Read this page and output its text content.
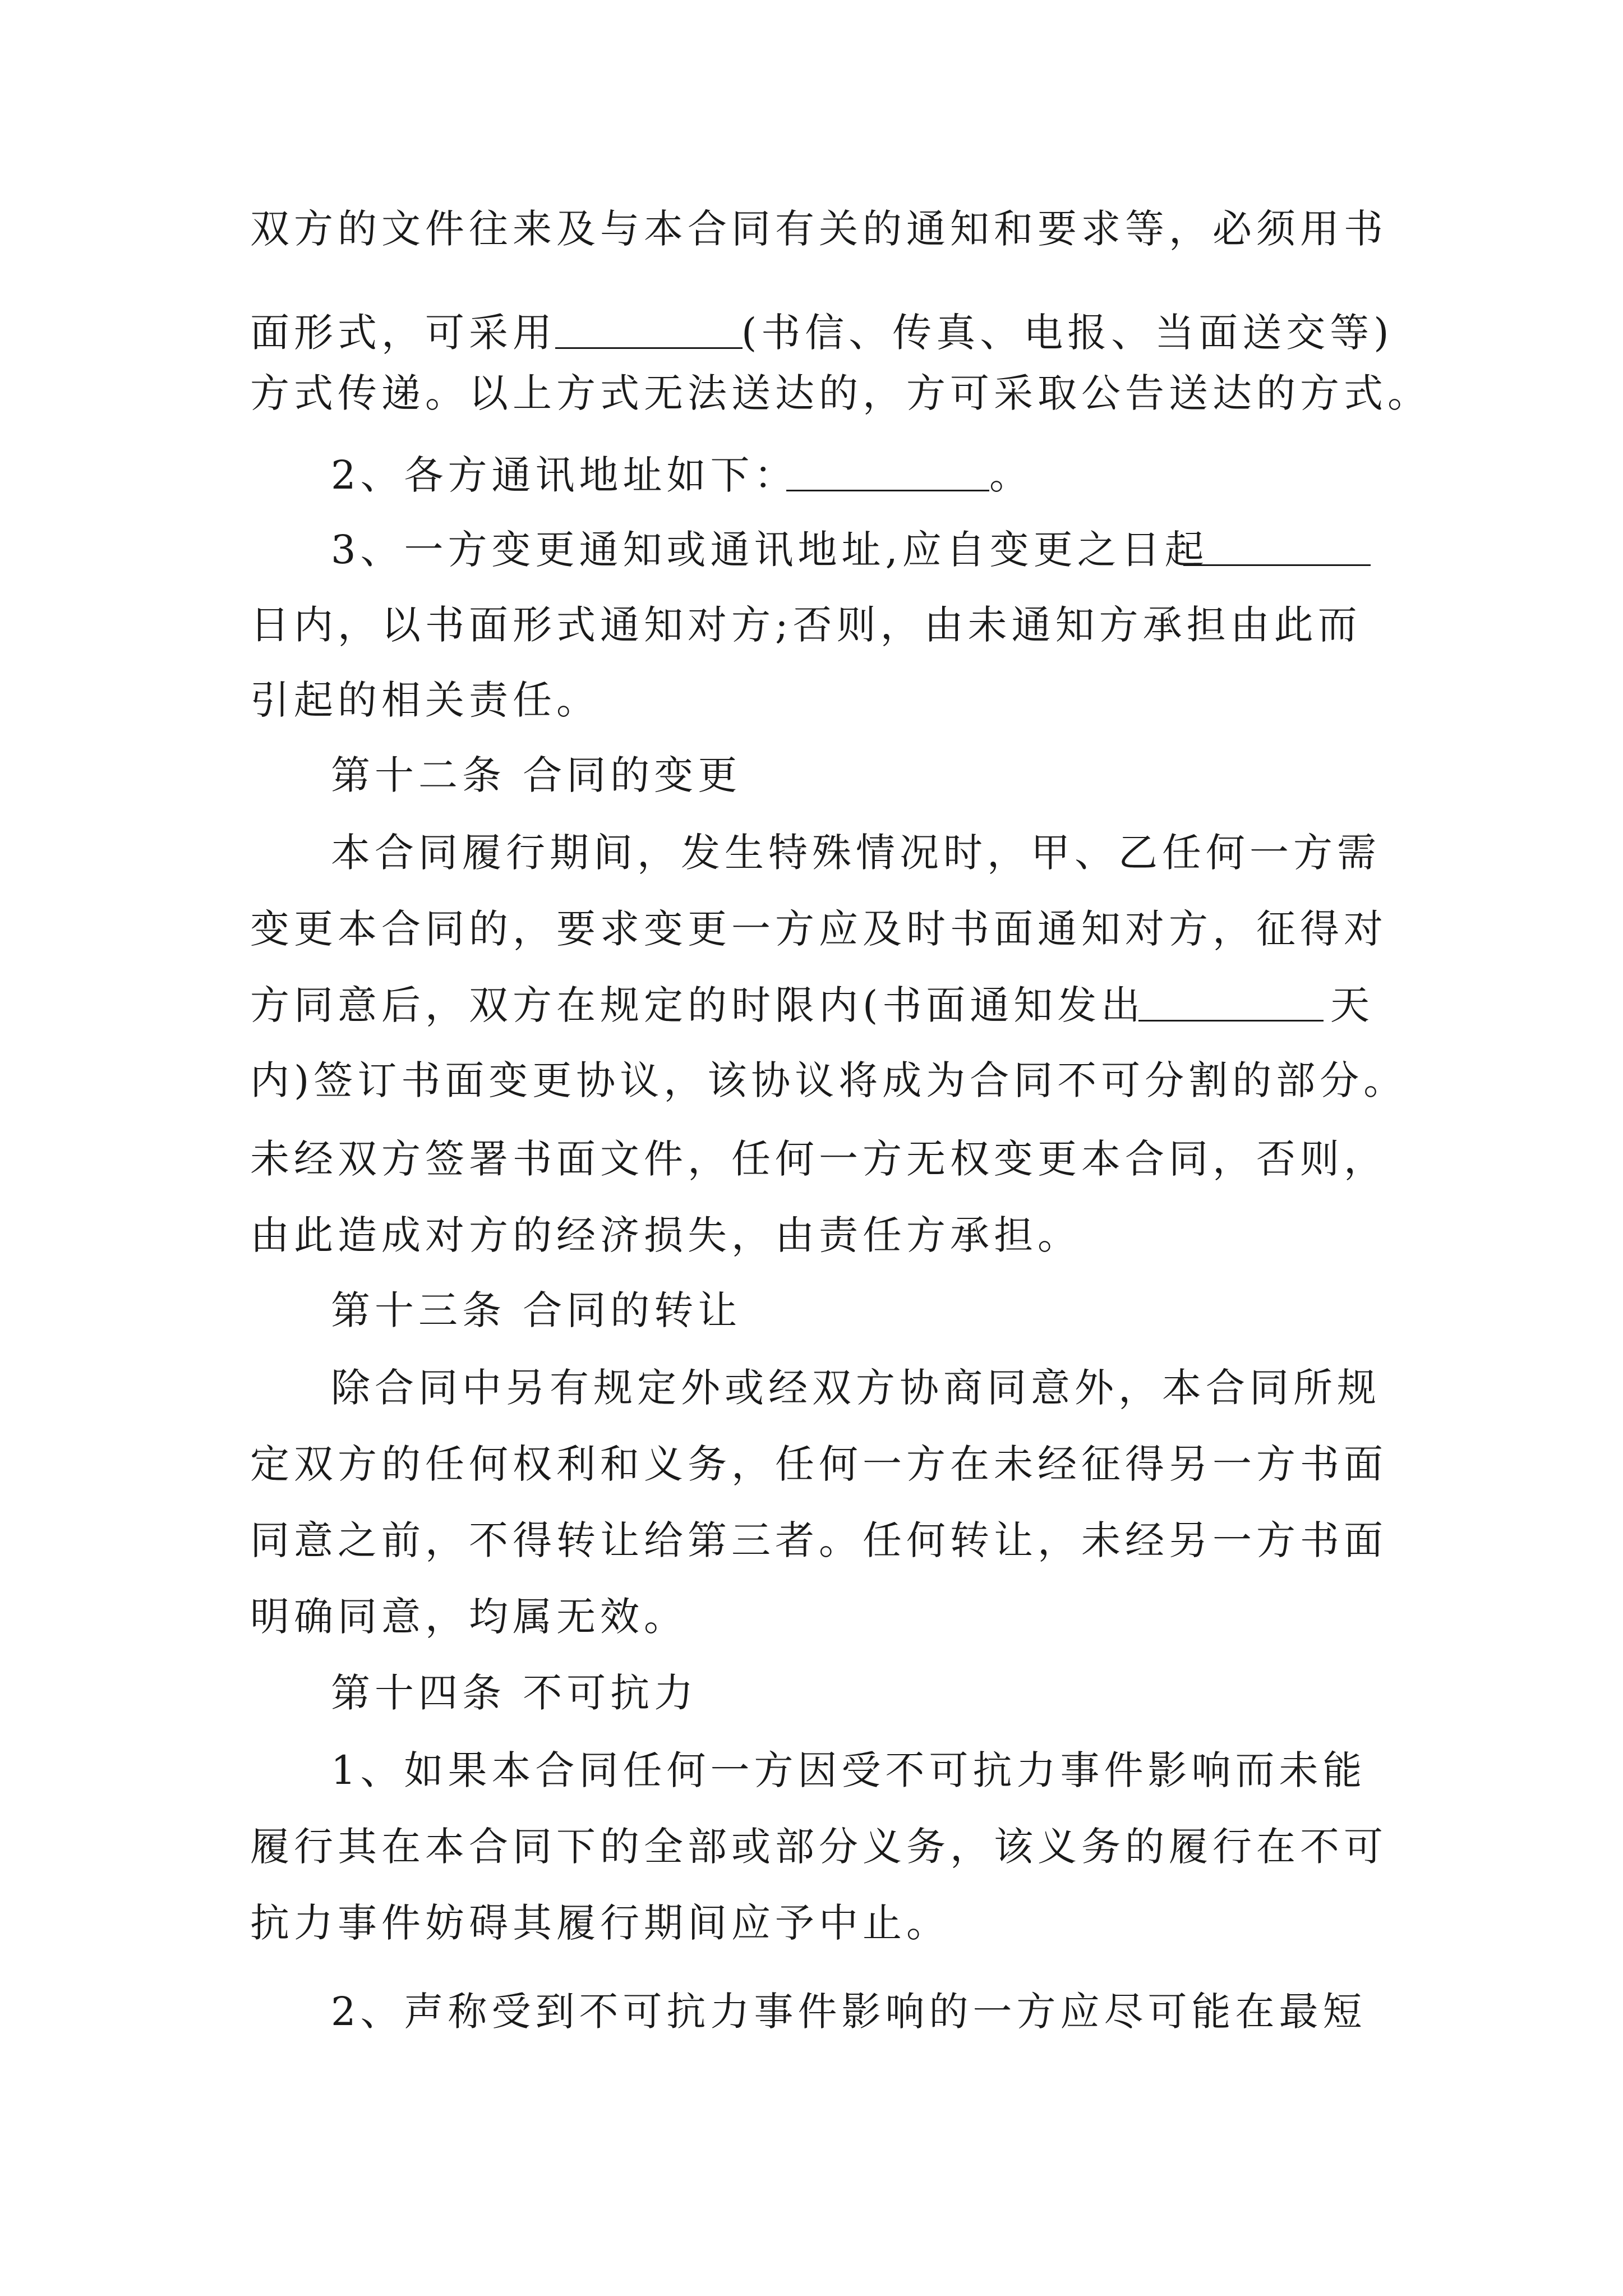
双方的文件往来及与本合同有关的通知和要求等，必须用书

面形式，可采用

	(书信、传真、电报、当面送交等)

方式传递。以上方式无法送达的，方可采取公告送达的方式。

2、各方通讯地址如下：

	。

3、一方变更通知或通讯地址,应自变更之日起

日内，以书面形式通知对方;否则，由未通知方承担由此而

引起的相关责任。

第十二条 合同的变更

本合同履行期间，发生特殊情况时，甲、乙任何一方需

变更本合同的，要求变更一方应及时书面通知对方，征得对

方同意后，双方在规定的时限内(书面通知发出

	天

内)签订书面变更协议，该协议将成为合同不可分割的部分。

未经双方签署书面文件，任何一方无权变更本合同，否则，

由此造成对方的经济损失，由责任方承担。

第十三条 合同的转让

除合同中另有规定外或经双方协商同意外，本合同所规

定双方的任何权利和义务，任何一方在未经征得另一方书面

同意之前，不得转让给第三者。任何转让，未经另一方书面

明确同意，均属无效。

第十四条 不可抗力

1、如果本合同任何一方因受不可抗力事件影响而未能

履行其在本合同下的全部或部分义务，该义务的履行在不可

抗力事件妨碍其履行期间应予中止。

2、声称受到不可抗力事件影响的一方应尽可能在最短
